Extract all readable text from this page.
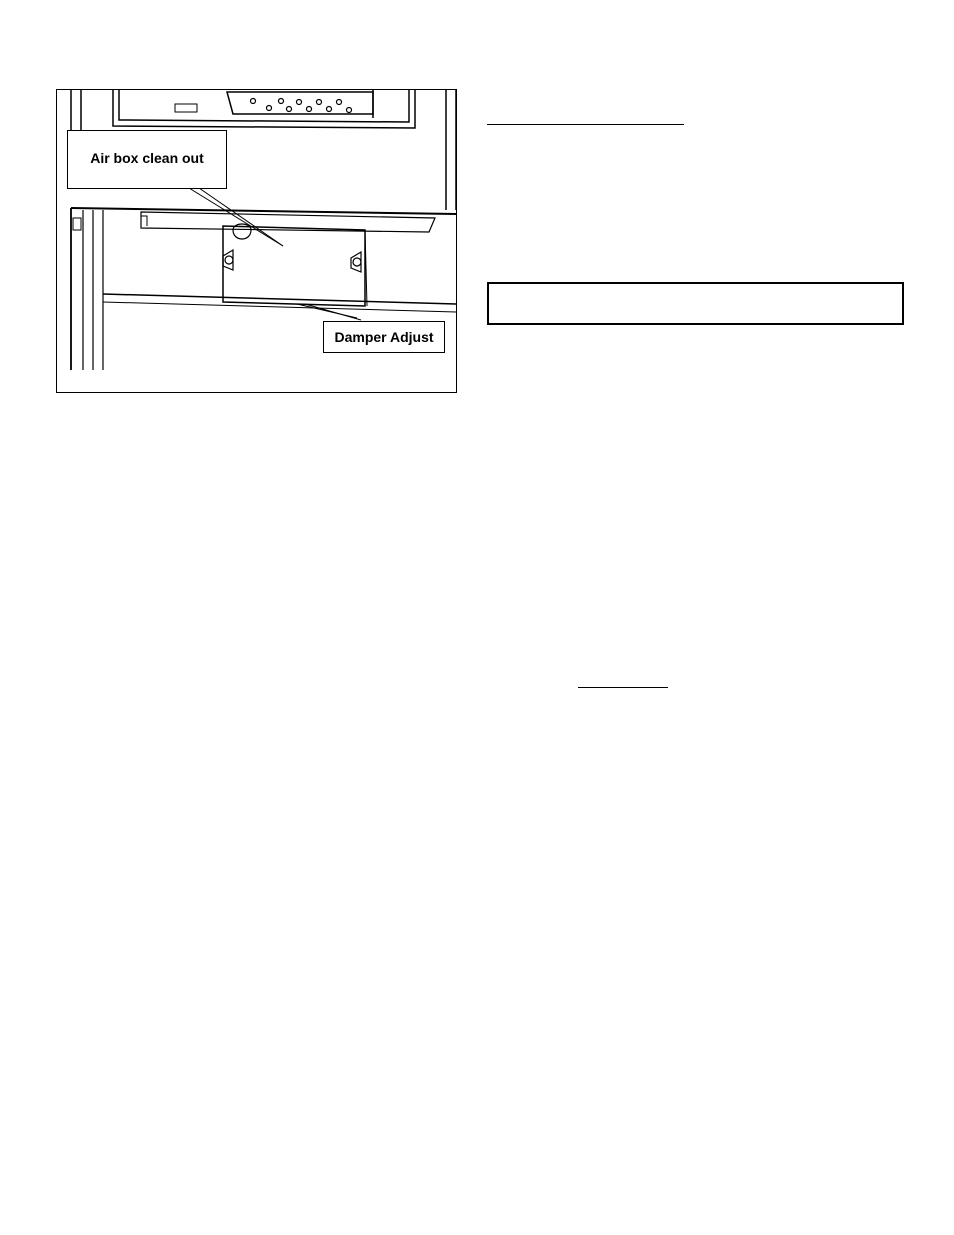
Air box clean out
Damper Adjust
